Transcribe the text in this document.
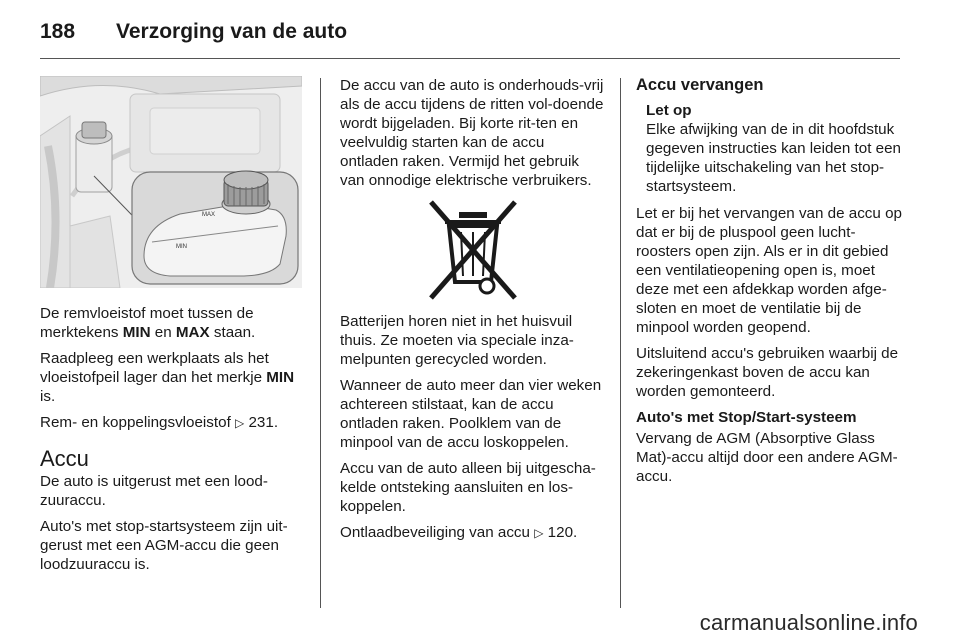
188 Verzorging van de auto
MAX
MIN

De remvloeistof moet tussen de merktekens MIN en MAX staan.

Raadpleeg een werkplaats als het vloeistofpeil lager dan het merkje MIN is.

Rem- en koppelingsvloeistof ▷ 231.

Accu

De auto is uitgerust met een lood-zuuraccu.

Auto's met stop-startsysteem zijn uit-gerust met een AGM-accu die geen loodzuuraccu is.

De accu van de auto is onderhouds-vrij als de accu tijdens de ritten vol-doende wordt bijgeladen. Bij korte rit-ten en veelvuldig starten kan de accu ontladen raken. Vermijd het gebruik van onnodige elektrische verbruikers.

Batterijen horen niet in het huisvuil thuis. Ze moeten via speciale inza-melpunten gerecycled worden.

Wanneer de auto meer dan vier weken achtereen stilstaat, kan de accu ontladen raken. Poolklem van de minpool van de accu loskoppelen.

Accu van de auto alleen bij uitgescha-kelde ontsteking aansluiten en los-koppelen.

Ontlaadbeveiliging van accu ▷ 120.

Accu vervangen
Let op
Elke afwijking van de in dit hoofdstuk gegeven instructies kan leiden tot een tijdelijke uitschakeling van het stop- startsysteem.

Let er bij het vervangen van de accu op dat er bij de pluspool geen lucht-roosters open zijn. Als er in dit gebied een ventilatieopening open is, moet deze met een afdekkap worden afge-sloten en moet de ventilatie bij de minpool worden geopend.

Uitsluitend accu's gebruiken waarbij de zekeringenkast boven de accu kan worden gemonteerd.

Auto's met Stop/Start-systeem

Vervang de AGM (Absorptive Glass Mat)-accu altijd door een andere AGM-accu.

carmanualsonline.info
